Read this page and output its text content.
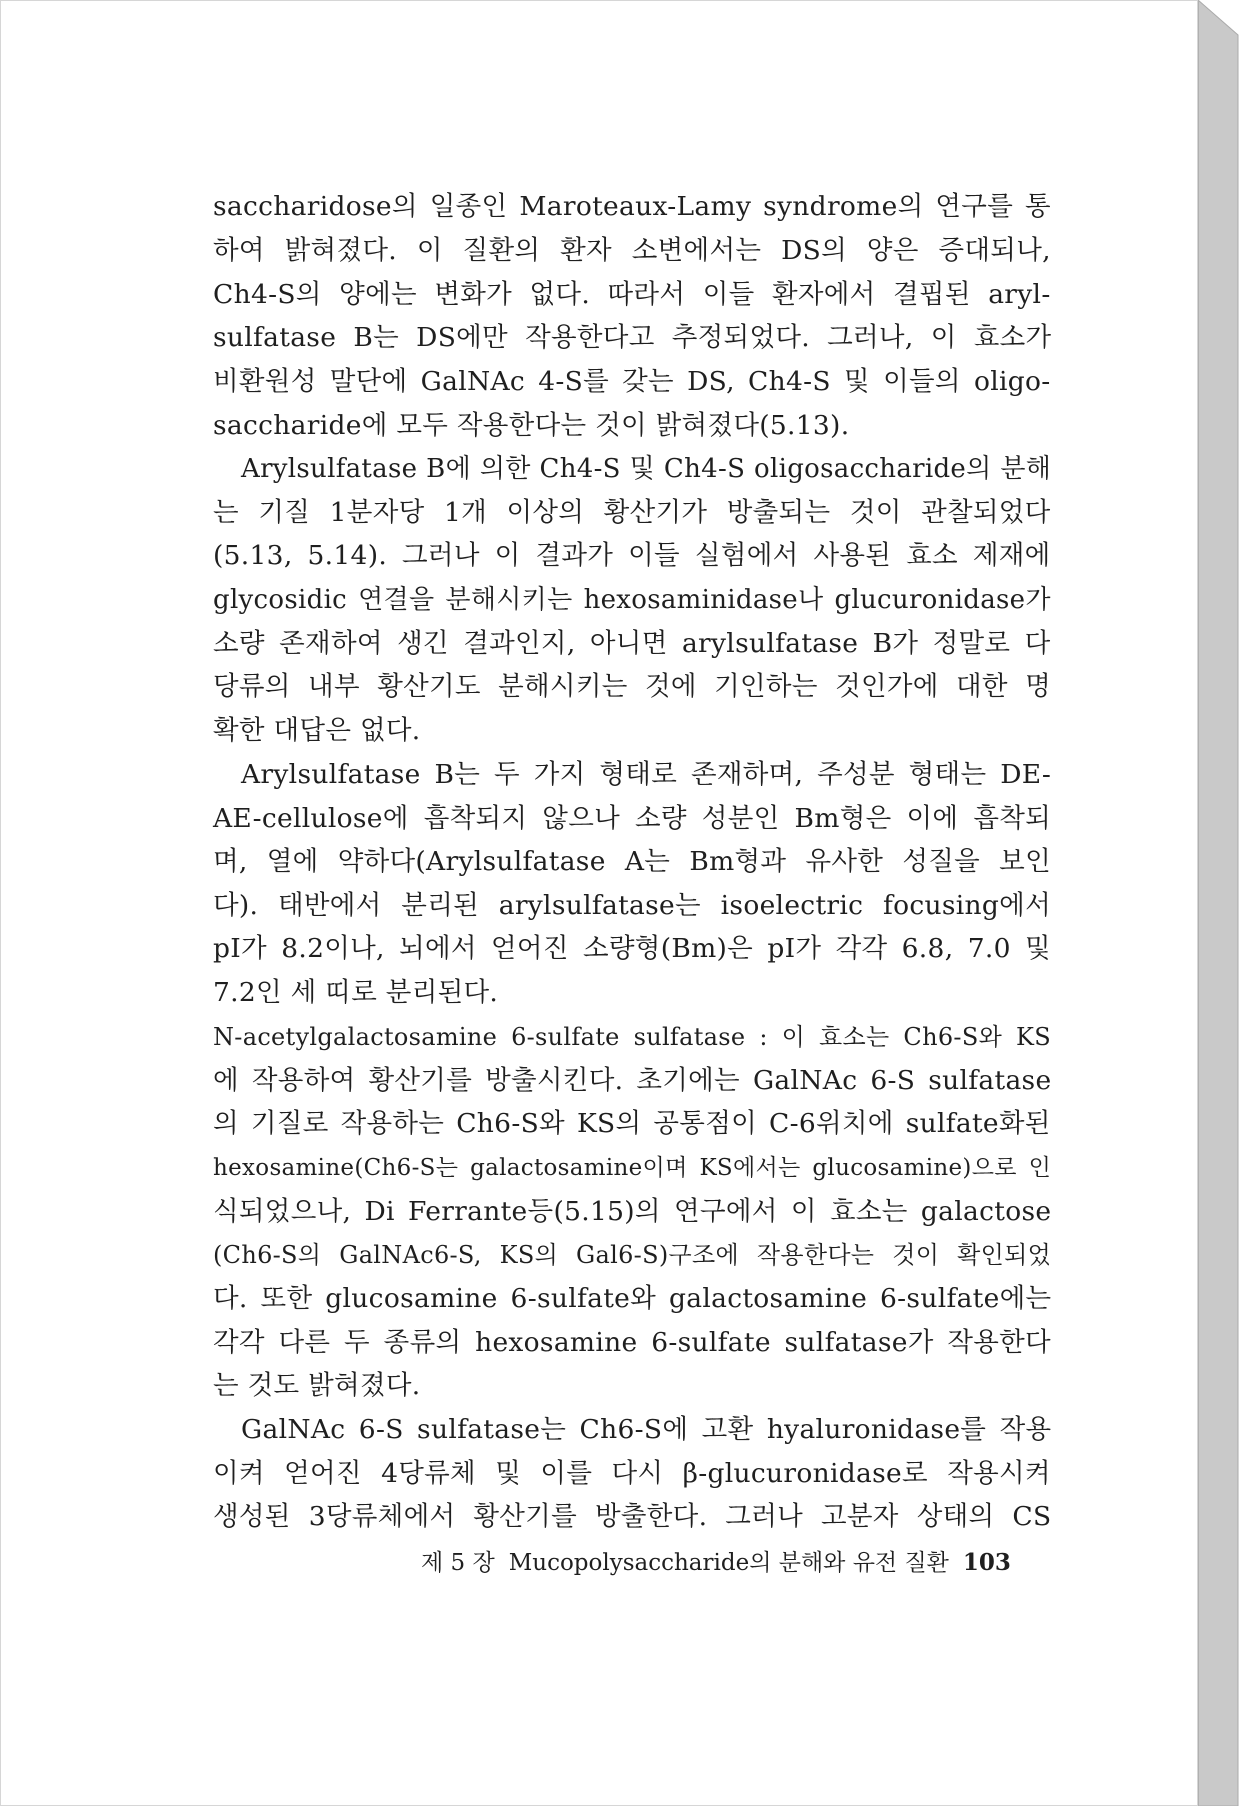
saccharidose의 일종인 Maroteaux-Lamy syndrome의 연구를 통
하여 밝혀졌다. 이 질환의 환자 소변에서는 DS의 양은 증대되나,
Ch4-S의 양에는 변화가 없다. 따라서 이들 환자에서 결핍된 aryl-
sulfatase B는 DS에만 작용한다고 추정되었다. 그러나, 이 효소가
비환원성 말단에 GalNAc 4-S를 갖는 DS, Ch4-S 및 이들의 oligo-
saccharide에 모두 작용한다는 것이 밝혀졌다(5.13).
Arylsulfatase B에 의한 Ch4-S 및 Ch4-S oligosaccharide의 분해
는 기질 1분자당 1개 이상의 황산기가 방출되는 것이 관찰되었다
(5.13, 5.14). 그러나 이 결과가 이들 실험에서 사용된 효소 제재에
glycosidic 연결을 분해시키는 hexosaminidase나 glucuronidase가
소량 존재하여 생긴 결과인지, 아니면 arylsulfatase B가 정말로 다
당류의 내부 황산기도 분해시키는 것에 기인하는 것인가에 대한 명
확한 대답은 없다.
Arylsulfatase B는 두 가지 형태로 존재하며, 주성분 형태는 DE-
AE-cellulose에 흡착되지 않으나 소량 성분인 Bm형은 이에 흡착되
며, 열에 약하다(Arylsulfatase A는 Bm형과 유사한 성질을 보인
다). 태반에서 분리된 arylsulfatase는 isoelectric focusing에서
pI가 8.2이나, 뇌에서 얻어진 소량형(Bm)은 pI가 각각 6.8, 7.0 및
7.2인 세 띠로 분리된다.
N-acetylgalactosamine 6-sulfate sulfatase : 이 효소는 Ch6-S와 KS
에 작용하여 황산기를 방출시킨다. 초기에는 GalNAc 6-S sulfatase
의 기질로 작용하는 Ch6-S와 KS의 공통점이 C-6위치에 sulfate화된
hexosamine(Ch6-S는 galactosamine이며 KS에서는 glucosamine)으로 인
식되었으나, Di Ferrante등(5.15)의 연구에서 이 효소는 galactose
(Ch6-S의 GalNAc6-S, KS의 Gal6-S)구조에 작용한다는 것이 확인되었
다. 또한 glucosamine 6-sulfate와 galactosamine 6-sulfate에는
각각 다른 두 종류의 hexosamine 6-sulfate sulfatase가 작용한다
는 것도 밝혀졌다.
GalNAc 6-S sulfatase는 Ch6-S에 고환 hyaluronidase를 작용
이켜 얻어진 4당류체 및 이를 다시 β-glucuronidase로 작용시켜
생성된 3당류체에서 황산기를 방출한다. 그러나 고분자 상태의 CS
제 5 장 Mucopolysaccharide의 분해와 유전 질환 103
